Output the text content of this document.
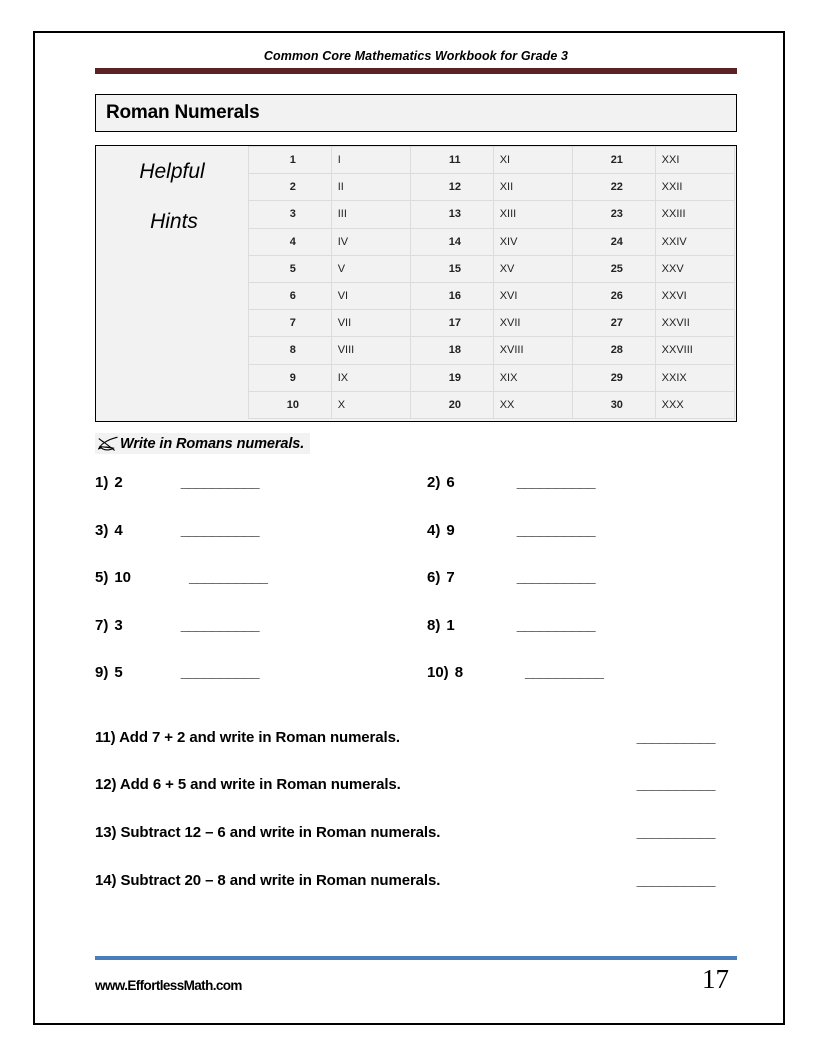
Common Core Mathematics Workbook for Grade 3
Roman Numerals
Helpful
Hints
1	I	11	XI	21	XXI
2	II	12	XII	22	XXII
3	III	13	XIII	23	XXIII
4	IV	14	XIV	24	XXIV
5	V	15	XV	25	XXV
6	VI	16	XVI	26	XXVI
7	VII	17	XVII	27	XXVII
8	VIII	18	XVIII	28	XXVIII
9	IX	19	XIX	29	XXIX
10	X	20	XX	30	XXX
Write in Romans numerals.
1) 2	__________	2) 6	__________
3) 4	__________	4) 9	__________
5) 10	__________	6) 7	__________
7) 3	__________	8) 1	__________
9) 5	__________	10) 8	__________
11) Add 7 + 2 and write in Roman numerals.	__________
12) Add 6 + 5 and write in Roman numerals.	__________
13) Subtract 12 – 6 and write in Roman numerals.	__________
14) Subtract 20 – 8 and write in Roman numerals.	__________
www.EffortlessMath.com	17
